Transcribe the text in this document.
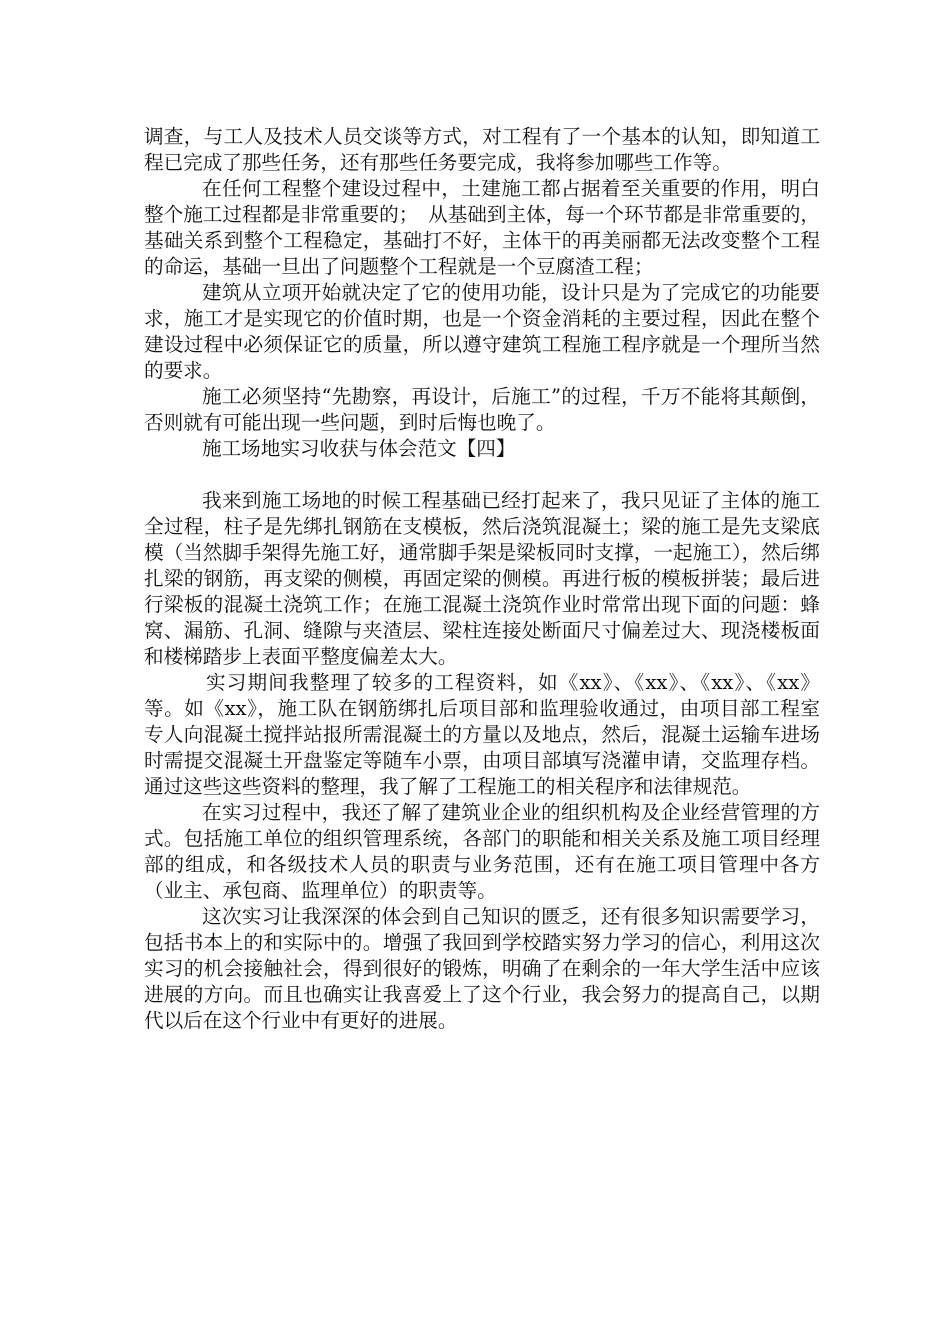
调查，与工人及技术人员交谈等方式，对工程有了一个基本的认知，即知道工程已完成了那些任务，还有那些任务要完成，我将参加哪些工作等。

在任何工程整个建设过程中，土建施工都占据着至关重要的作用，明白整个施工过程都是非常重要的；　从基础到主体，每一个环节都是非常重要的，基础关系到整个工程稳定，基础打不好，主体干的再美丽都无法改变整个工程的命运，基础一旦出了问题整个工程就是一个豆腐渣工程；

建筑从立项开始就决定了它的使用功能，设计只是为了完成它的功能要求，施工才是实现它的价值时期，也是一个资金消耗的主要过程，因此在整个建设过程中必须保证它的质量，所以遵守建筑工程施工程序就是一个理所当然的要求。

施工必须坚持“先勘察，再设计，后施工”的过程，千万不能将其颠倒，否则就有可能出现一些问题，到时后悔也晚了。

施工场地实习收获与体会范文【四】

我来到施工场地的时候工程基础已经打起来了，我只见证了主体的施工全过程，柱子是先绑扎钢筋在支模板，然后浇筑混凝土；梁的施工是先支梁底模（当然脚手架得先施工好，通常脚手架是梁板同时支撑，一起施工），然后绑扎梁的钢筋，再支梁的侧模，再固定梁的侧模。再进行板的模板拼装；最后进行梁板的混凝土浇筑工作；在施工混凝土浇筑作业时常常出现下面的问题：蜂窝、漏筋、孔洞、缝隙与夹渣层、梁柱连接处断面尺寸偏差过大、现浇楼板面和楼梯踏步上表面平整度偏差太大。

实习期间我整理了较多的工程资料，如《xx》、《xx》、《xx》、《xx》等。如《xx》，施工队在钢筋绑扎后项目部和监理验收通过，由项目部工程室专人向混凝土搅拌站报所需混凝土的方量以及地点，然后，混凝土运输车进场时需提交混凝土开盘鉴定等随车小票，由项目部填写浇灌申请，交监理存档。通过这些这些资料的整理，我了解了工程施工的相关程序和法律规范。

在实习过程中，我还了解了建筑业企业的组织机构及企业经营管理的方式。包括施工单位的组织管理系统，各部门的职能和相关关系及施工项目经理部的组成，和各级技术人员的职责与业务范围，还有在施工项目管理中各方（业主、承包商、监理单位）的职责等。

这次实习让我深深的体会到自己知识的匮乏，还有很多知识需要学习，包括书本上的和实际中的。增强了我回到学校踏实努力学习的信心，利用这次实习的机会接触社会，得到很好的锻炼，明确了在剩余的一年大学生活中应该进展的方向。而且也确实让我喜爱上了这个行业，我会努力的提高自己，以期代以后在这个行业中有更好的进展。
